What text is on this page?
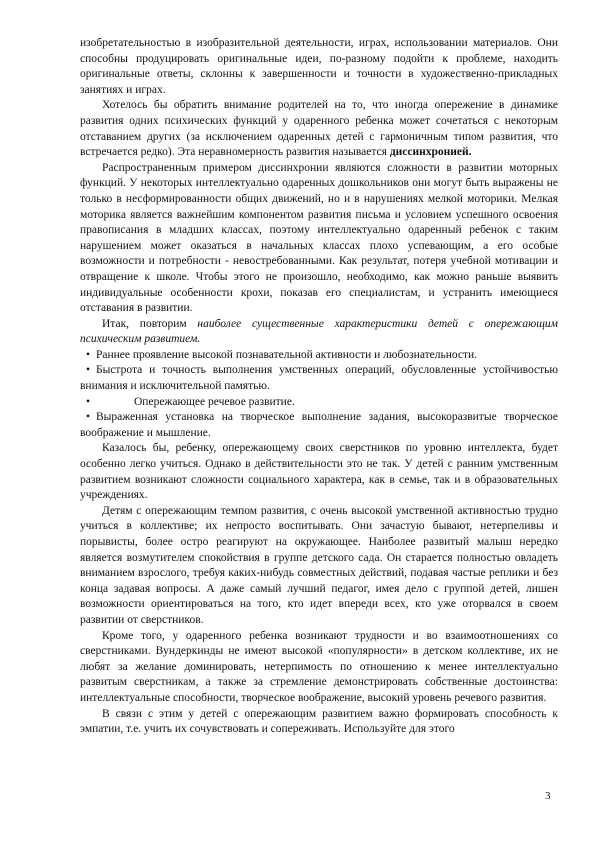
изобретательностью в изобразительной деятельности, играх, использовании материалов. Они способны продуцировать оригинальные идеи, по-разному подойти к проблеме, находить оригинальные ответы, склонны к завершенности и точности в художественно-прикладных занятиях и играх.

Хотелось бы обратить внимание родителей на то, что иногда опережение в динамике развития одних психических функций у одаренного ребенка может сочетаться с некоторым отставанием других (за исключением одаренных детей с гармоничным типом развития, что встречается редко). Эта неравномерность развития называется диссинхронией.

Распространенным примером диссинхронии являются сложности в развитии моторных функций. У некоторых интеллектуально одаренных дошкольников они могут быть выражены не только в несформированности общих движений, но и в нарушениях мелкой моторики. Мелкая моторика является важнейшим компонентом развития письма и условием успешного освоения правописания в младших классах, поэтому интеллектуально одаренный ребенок с таким нарушением может оказаться в начальных классах плохо успевающим, а его особые возможности и потребности - невостребованными. Как результат, потеря учебной мотивации и отвращение к школе. Чтобы этого не произошло, необходимо, как можно раньше выявить индивидуальные особенности крохи, показав его специалистам, и устранить имеющиеся отставания в развитии.

Итак, повторим наиболее существенные характеристики детей с опережающим психическим развитием.

• Раннее проявление высокой познавательной активности и любознательности.

• Быстрота и точность выполнения умственных операций, обусловленные устойчивостью внимания и исключительной памятью.

•	Опережающее речевое развитие.

• Выраженная установка на творческое выполнение задания, высокоразвитые творческое воображение и мышление.

Казалось бы, ребенку, опережающему своих сверстников по уровню интеллекта, будет особенно легко учиться. Однако в действительности это не так. У детей с ранним умственным развитием возникают сложности социального характера, как в семье, так и в образовательных учреждениях.

Детям с опережающим темпом развития, с очень высокой умственной активностью трудно учиться в коллективе; их непросто воспитывать. Они зачастую бывают, нетерпеливы и порывисты, более остро реагируют на окружающее. Наиболее развитый малыш нередко является возмутителем спокойствия в группе детского сада. Он старается полностью овладеть вниманием взрослого, требуя каких-нибудь совместных действий, подавая частые реплики и без конца задавая вопросы. А даже самый лучший педагог, имея дело с группой детей, лишен возможности ориентироваться на того, кто идет впереди всех, кто уже оторвался в своем развитии от сверстников.

Кроме того, у одаренного ребенка возникают трудности и во взаимоотношениях со сверстниками. Вундеркинды не имеют высокой «популярности» в детском коллективе, их не любят за желание доминировать, нетерпимость по отношению к менее интеллектуально развитым сверстникам, а также за стремление демонстрировать собственные достоинства: интеллектуальные способности, творческое воображение, высокий уровень речевого развития.

В связи с этим у детей с опережающим развитием важно формировать способность к эмпатии, т.е. учить их сочувствовать и сопереживать. Используйте для этого

3
